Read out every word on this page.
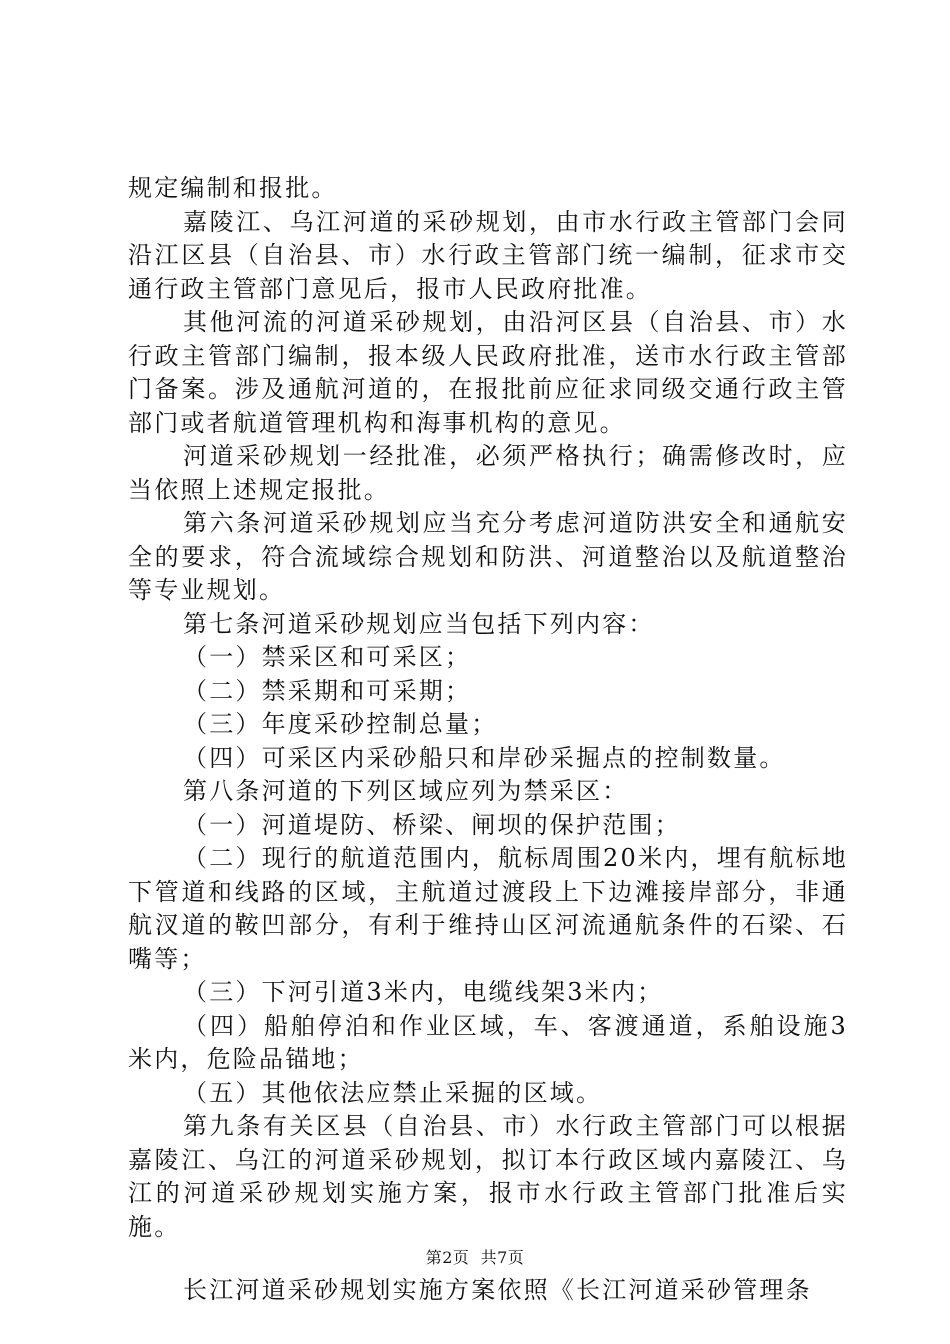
规定编制和报批。

嘉陵江、乌江河道的采砂规划，由市水行政主管部门会同沿江区县（自治县、市）水行政主管部门统一编制，征求市交通行政主管部门意见后，报市人民政府批准。

其他河流的河道采砂规划，由沿河区县（自治县、市）水行政主管部门编制，报本级人民政府批准，送市水行政主管部门备案。涉及通航河道的，在报批前应征求同级交通行政主管部门或者航道管理机构和海事机构的意见。

河道采砂规划一经批准，必须严格执行；确需修改时，应当依照上述规定报批。

第六条河道采砂规划应当充分考虑河道防洪安全和通航安全的要求，符合流域综合规划和防洪、河道整治以及航道整治等专业规划。

第七条河道采砂规划应当包括下列内容：

（一）禁采区和可采区；

（二）禁采期和可采期；

（三）年度采砂控制总量；

（四）可采区内采砂船只和岸砂采掘点的控制数量。

第八条河道的下列区域应列为禁采区：

（一）河道堤防、桥梁、闸坝的保护范围；

（二）现行的航道范围内，航标周围20米内，埋有航标地下管道和线路的区域，主航道过渡段上下边滩接岸部分，非通航汊道的鞍凹部分，有利于维持山区河流通航条件的石梁、石嘴等；

（三）下河引道3米内，电缆线架3米内；

（四）船舶停泊和作业区域，车、客渡通道，系舶设施3米内，危险品锚地；

（五）其他依法应禁止采掘的区域。

第九条有关区县（自治县、市）水行政主管部门可以根据嘉陵江、乌江的河道采砂规划，拟订本行政区域内嘉陵江、乌江的河道采砂规划实施方案，报市水行政主管部门批准后实施。

长江河道采砂规划实施方案依照《长江河道采砂管理条

第2页 共7页
